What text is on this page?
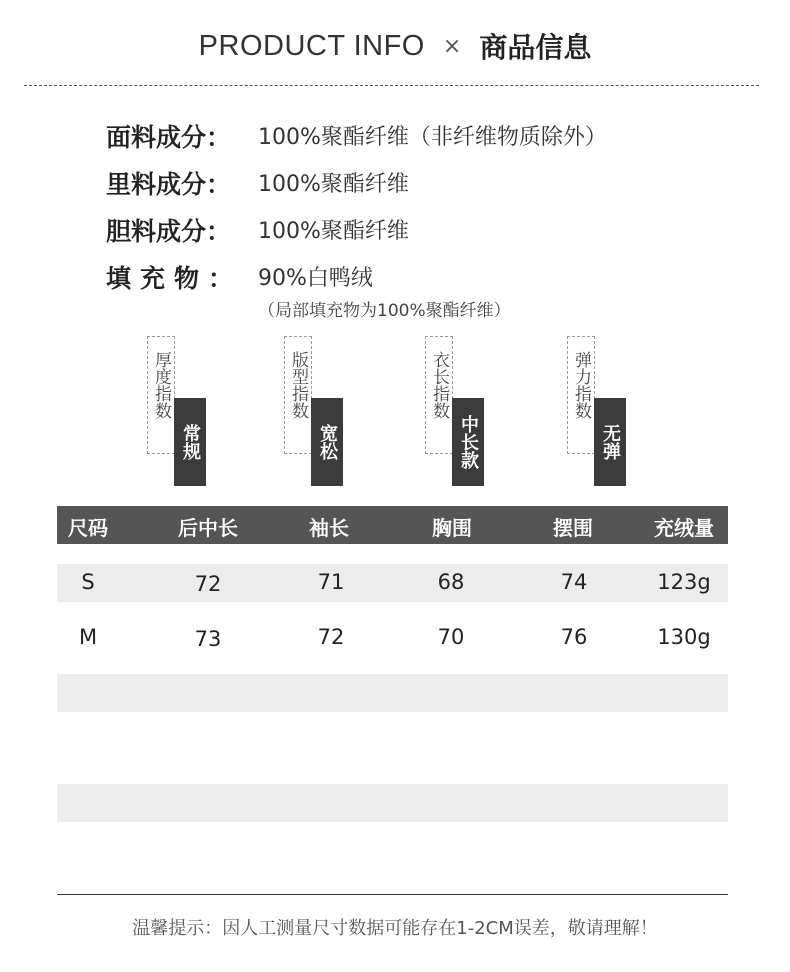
PRODUCT INFO × 商品信息
面料成分：	100%聚酯纤维（非纤维物质除外）
里料成分：	100%聚酯纤维
胆料成分：	100%聚酯纤维
填充物： 90%白鸭绒
（局部填充物为100%聚酯纤维）
厚度指数
常规
版型指数
宽松
衣长指数
中长款
弹力指数
无弹
尺码	后中长	袖长	胸围	摆围	充绒量
S	72	71	68	74	123g
M	73	72	70	76	130g
温馨提示：因人工测量尺寸数据可能存在1-2CM误差，敬请理解！
